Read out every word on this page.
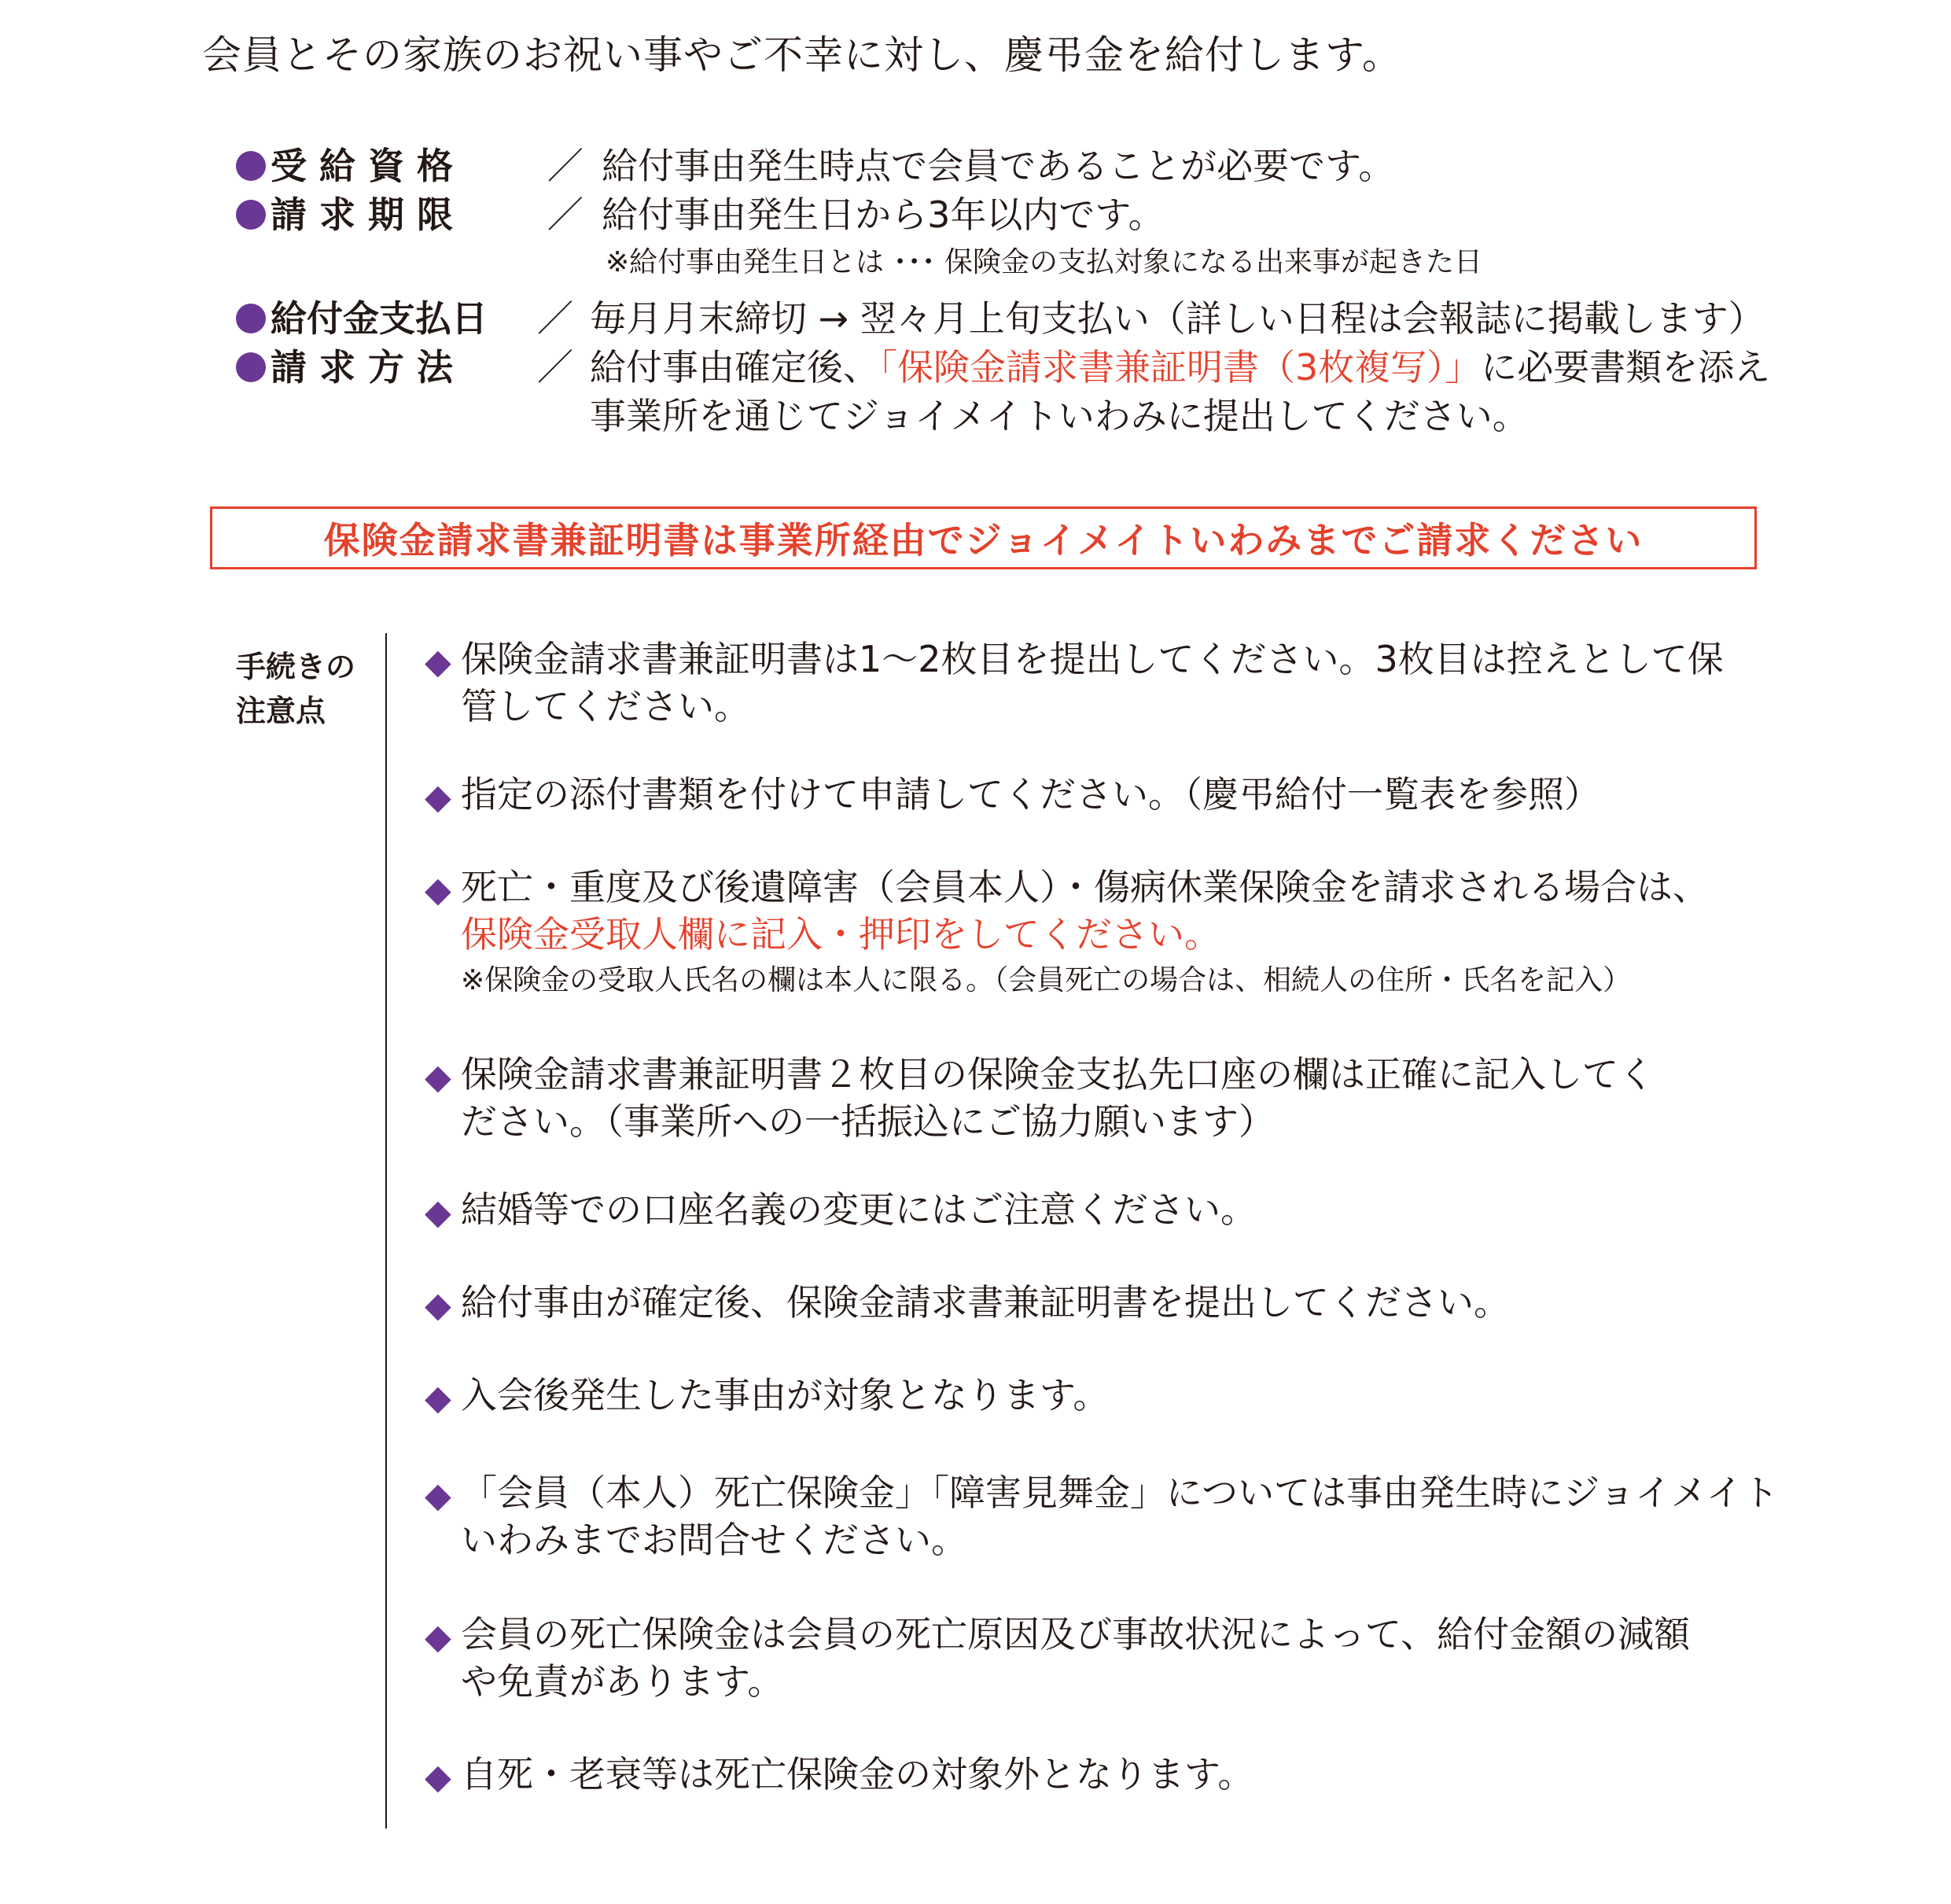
会員とその家族のお祝い事やご不幸に対し、慶弔金を給付します。
受 給 資 格	／ 給付事由発生時点で会員であることが必要です。
請 求 期 限	／ 給付事由発生日から3年以内です。
※給付事由発生日とは ･･･ 保険金の支払対象になる出来事が起きた日
給付金支払日 ／ 毎月月末締切 → 翌々月上旬支払い（詳しい日程は会報誌に掲載します）
請 求 方 法 ／ 給付事由確定後、「保険金請求書兼証明書（3枚複写）」に必要書類を添え
事業所を通じてジョイメイトいわみに提出してください。
保険金請求書兼証明書は事業所経由でジョイメイトいわみまでご請求ください
手続きの
注意点
◆ 保険金請求書兼証明書は1～2枚目を提出してください。3枚目は控えとして保
管してください。
◆ 指定の添付書類を付けて申請してください。（慶弔給付一覧表を参照）
◆ 死亡・重度及び後遺障害（会員本人）・傷病休業保険金を請求される場合は、
保険金受取人欄に記入・押印をしてください。
※保険金の受取人氏名の欄は本人に限る。（会員死亡の場合は、相続人の住所・氏名を記入）
◆ 保険金請求書兼証明書２枚目の保険金支払先口座の欄は正確に記入してく
ださい。（事業所への一括振込にご協力願います）
◆ 結婚等での口座名義の変更にはご注意ください。
◆ 給付事由が確定後、保険金請求書兼証明書を提出してください。
◆ 入会後発生した事由が対象となります。
◆ 「会員（本人）死亡保険金」「障害見舞金」については事由発生時にジョイメイト
いわみまでお問合せください。
◆ 会員の死亡保険金は会員の死亡原因及び事故状況によって、給付金額の減額
や免責があります。
◆ 自死・老衰等は死亡保険金の対象外となります。
